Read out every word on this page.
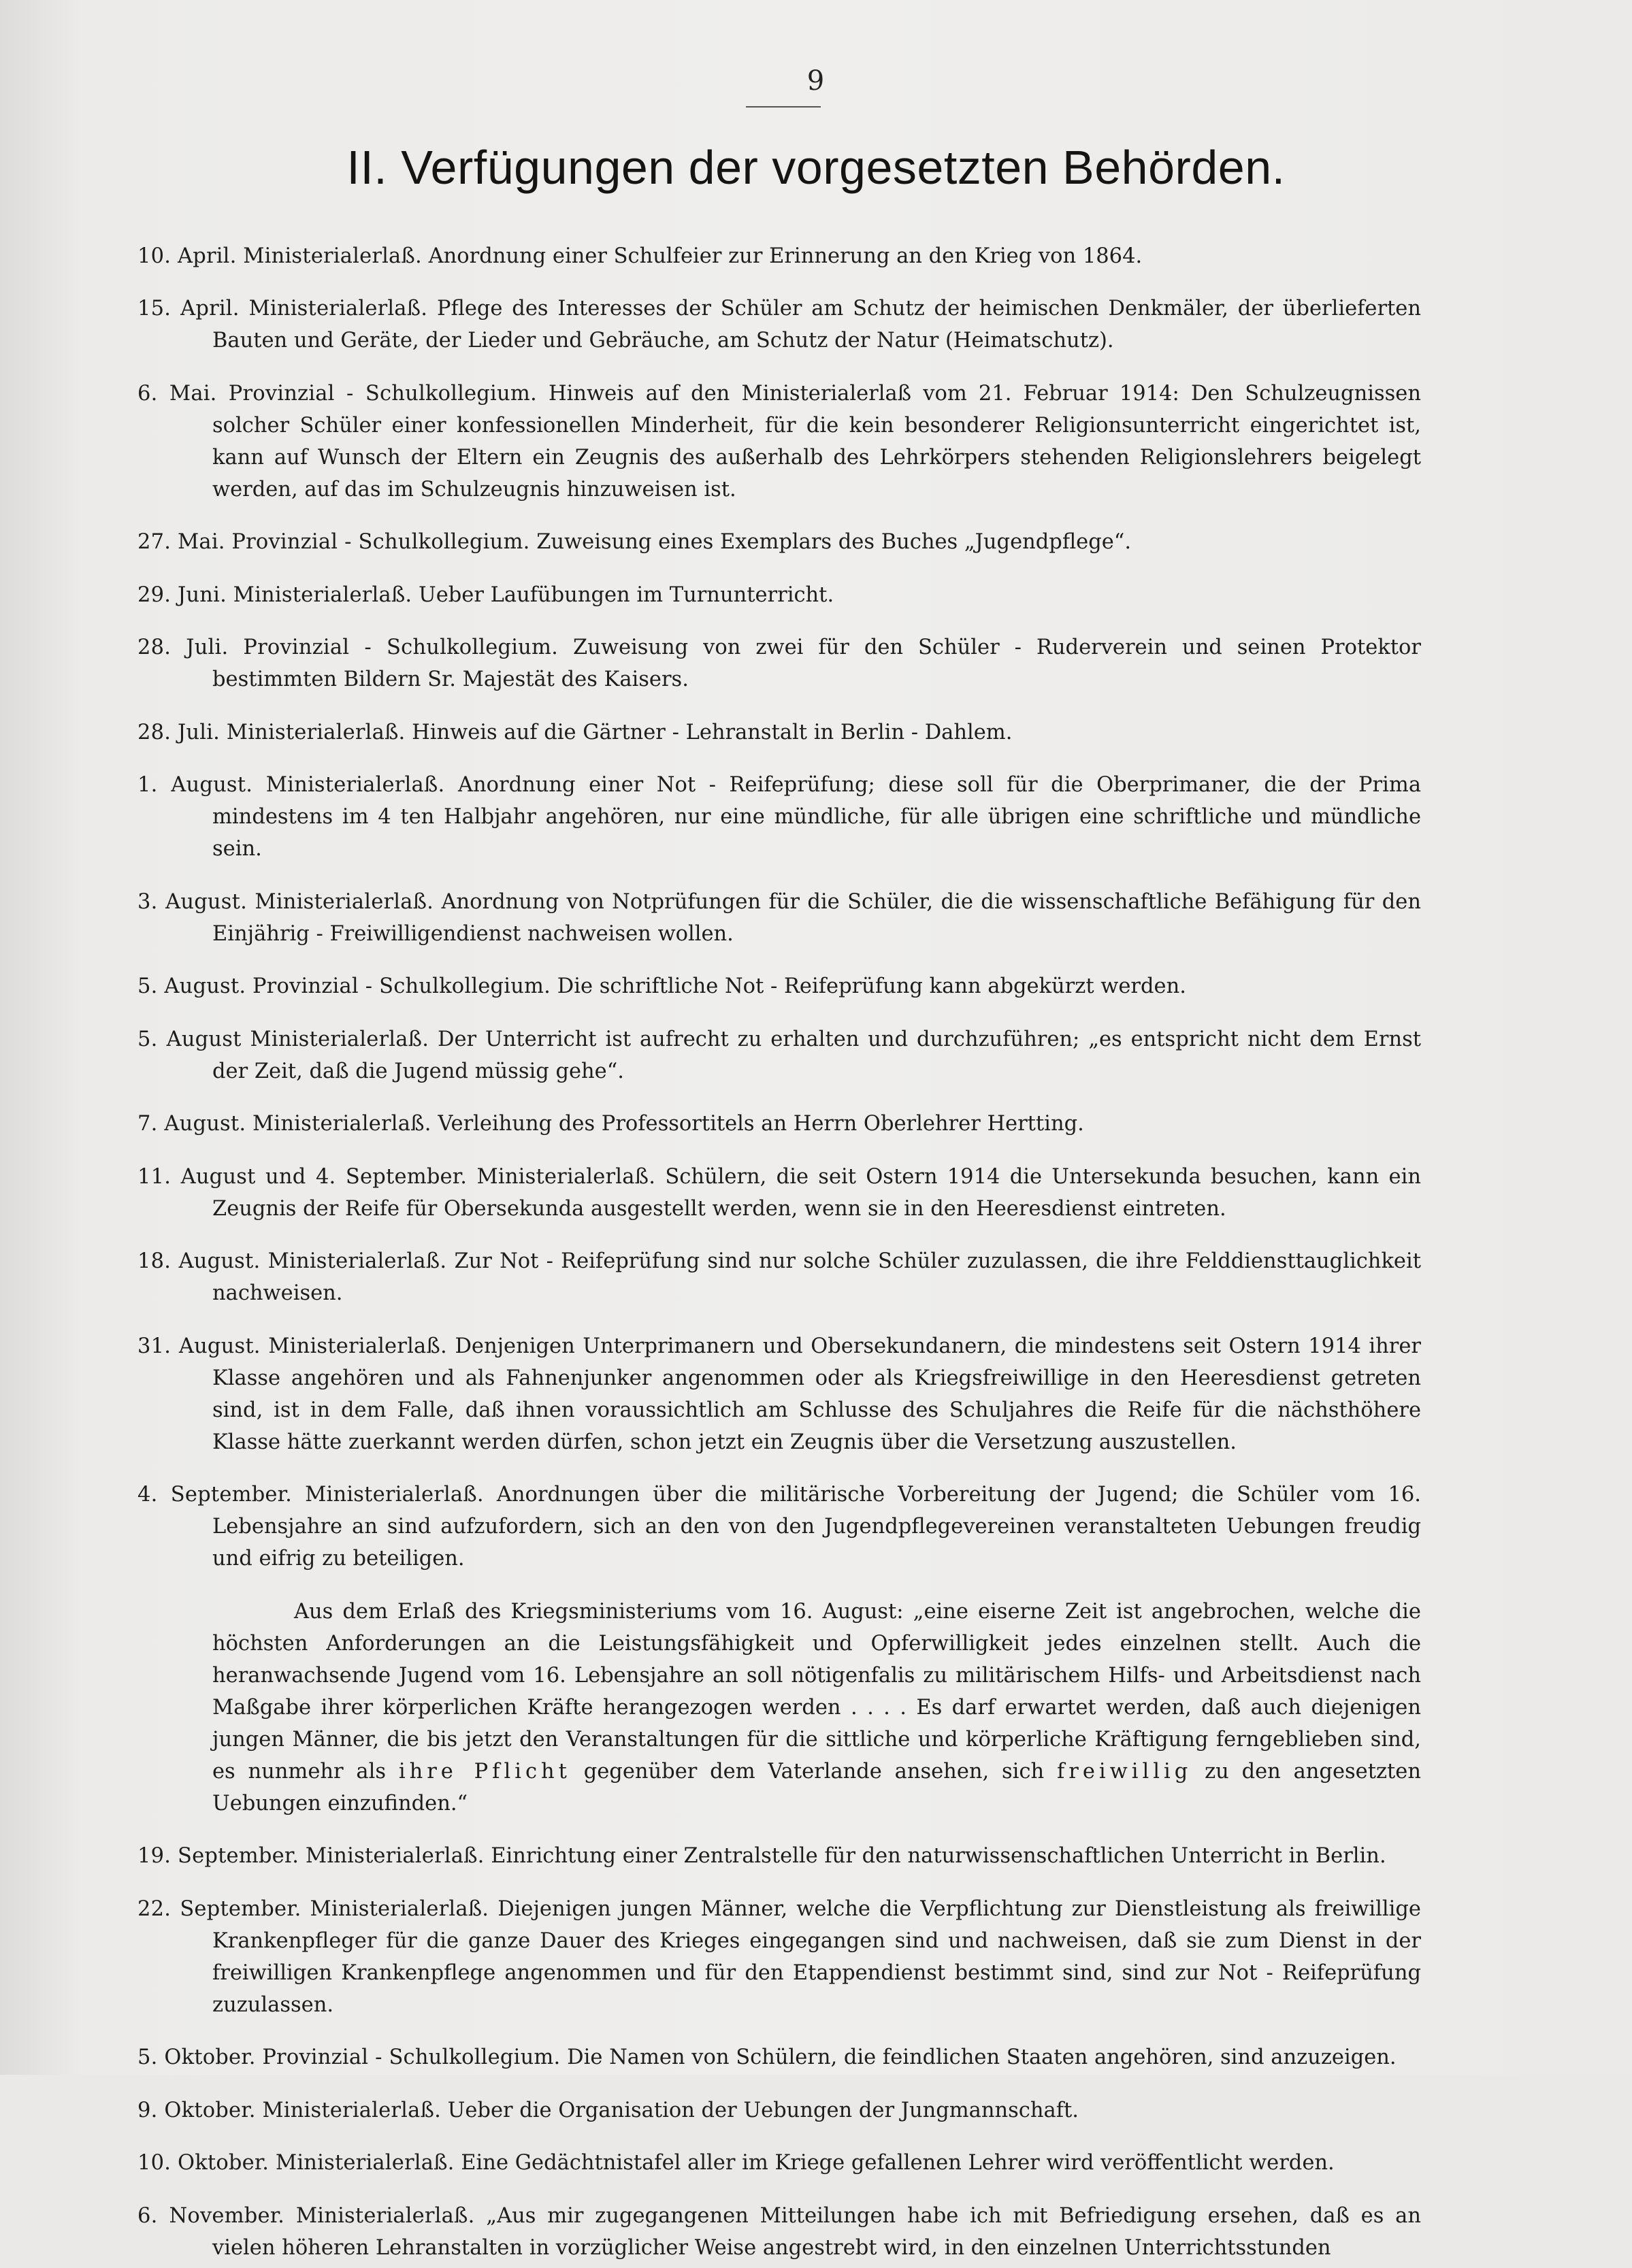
9
II. Verfügungen der vorgesetzten Behörden.

10. April. Ministerialerlaß. Anordnung einer Schulfeier zur Erinnerung an den Krieg von 1864.

15. April. Ministerialerlaß. Pflege des Interesses der Schüler am Schutz der heimischen Denkmäler, der überlieferten Bauten und Geräte, der Lieder und Gebräuche, am Schutz der Natur (Heimatschutz).

6. Mai. Provinzial - Schulkollegium. Hinweis auf den Ministerialerlaß vom 21. Februar 1914: Den Schulzeugnissen solcher Schüler einer konfessionellen Minderheit, für die kein besonderer Religionsunterricht eingerichtet ist, kann auf Wunsch der Eltern ein Zeugnis des außerhalb des Lehrkörpers stehenden Religionslehrers beigelegt werden, auf das im Schulzeugnis hinzuweisen ist.

27. Mai. Provinzial - Schulkollegium. Zuweisung eines Exemplars des Buches „Jugendpflege“.

29. Juni. Ministerialerlaß. Ueber Laufübungen im Turnunterricht.

28. Juli. Provinzial - Schulkollegium. Zuweisung von zwei für den Schüler - Ruderverein und seinen Protektor bestimmten Bildern Sr. Majestät des Kaisers.

28. Juli. Ministerialerlaß. Hinweis auf die Gärtner - Lehranstalt in Berlin - Dahlem.

1. August. Ministerialerlaß. Anordnung einer Not - Reifeprüfung; diese soll für die Oberprimaner, die der Prima mindestens im 4 ten Halbjahr angehören, nur eine mündliche, für alle übrigen eine schriftliche und mündliche sein.

3. August. Ministerialerlaß. Anordnung von Notprüfungen für die Schüler, die die wissenschaftliche Befähigung für den Einjährig - Freiwilligendienst nachweisen wollen.

5. August. Provinzial - Schulkollegium. Die schriftliche Not - Reifeprüfung kann abgekürzt werden.

5. August Ministerialerlaß. Der Unterricht ist aufrecht zu erhalten und durchzuführen; „es entspricht nicht dem Ernst der Zeit, daß die Jugend müssig gehe“.

7. August. Ministerialerlaß. Verleihung des Professortitels an Herrn Oberlehrer Hertting.

11. August und 4. September. Ministerialerlaß. Schülern, die seit Ostern 1914 die Untersekunda besuchen, kann ein Zeugnis der Reife für Obersekunda ausgestellt werden, wenn sie in den Heeresdienst eintreten.

18. August. Ministerialerlaß. Zur Not - Reifeprüfung sind nur solche Schüler zuzulassen, die ihre Felddiensttauglichkeit nachweisen.

31. August. Ministerialerlaß. Denjenigen Unterprimanern und Obersekundanern, die mindestens seit Ostern 1914 ihrer Klasse angehören und als Fahnenjunker angenommen oder als Kriegsfreiwillige in den Heeresdienst getreten sind, ist in dem Falle, daß ihnen voraussichtlich am Schlusse des Schuljahres die Reife für die nächsthöhere Klasse hätte zuerkannt werden dürfen, schon jetzt ein Zeugnis über die Versetzung auszustellen.

4. September. Ministerialerlaß. Anordnungen über die militärische Vorbereitung der Jugend; die Schüler vom 16. Lebensjahre an sind aufzufordern, sich an den von den Jugendpflegevereinen veranstalteten Uebungen freudig und eifrig zu beteiligen.

Aus dem Erlaß des Kriegsministeriums vom 16. August: „eine eiserne Zeit ist angebrochen, welche die höchsten Anforderungen an die Leistungsfähigkeit und Opferwilligkeit jedes einzelnen stellt. Auch die heranwachsende Jugend vom 16. Lebensjahre an soll nötigenfalis zu militärischem Hilfs- und Arbeitsdienst nach Maßgabe ihrer körperlichen Kräfte herangezogen werden . . . . Es darf erwartet werden, daß auch diejenigen jungen Männer, die bis jetzt den Veranstaltungen für die sittliche und körperliche Kräftigung ferngeblieben sind, es nunmehr als ihre Pflicht gegenüber dem Vaterlande ansehen, sich freiwillig zu den angesetzten Uebungen einzufinden.“

19. September. Ministerialerlaß. Einrichtung einer Zentralstelle für den naturwissenschaftlichen Unterricht in Berlin.

22. September. Ministerialerlaß. Diejenigen jungen Männer, welche die Verpflichtung zur Dienstleistung als freiwillige Krankenpfleger für die ganze Dauer des Krieges eingegangen sind und nachweisen, daß sie zum Dienst in der freiwilligen Krankenpflege angenommen und für den Etappendienst bestimmt sind, sind zur Not - Reifeprüfung zuzulassen.

5. Oktober. Provinzial - Schulkollegium. Die Namen von Schülern, die feindlichen Staaten angehören, sind anzuzeigen.

9. Oktober. Ministerialerlaß. Ueber die Organisation der Uebungen der Jungmannschaft.

10. Oktober. Ministerialerlaß. Eine Gedächtnistafel aller im Kriege gefallenen Lehrer wird veröffentlicht werden.

6. November. Ministerialerlaß. „Aus mir zugegangenen Mitteilungen habe ich mit Befriedigung ersehen, daß es an vielen höheren Lehranstalten in vorzüglicher Weise angestrebt wird, in den einzelnen Unterrichtsstunden
